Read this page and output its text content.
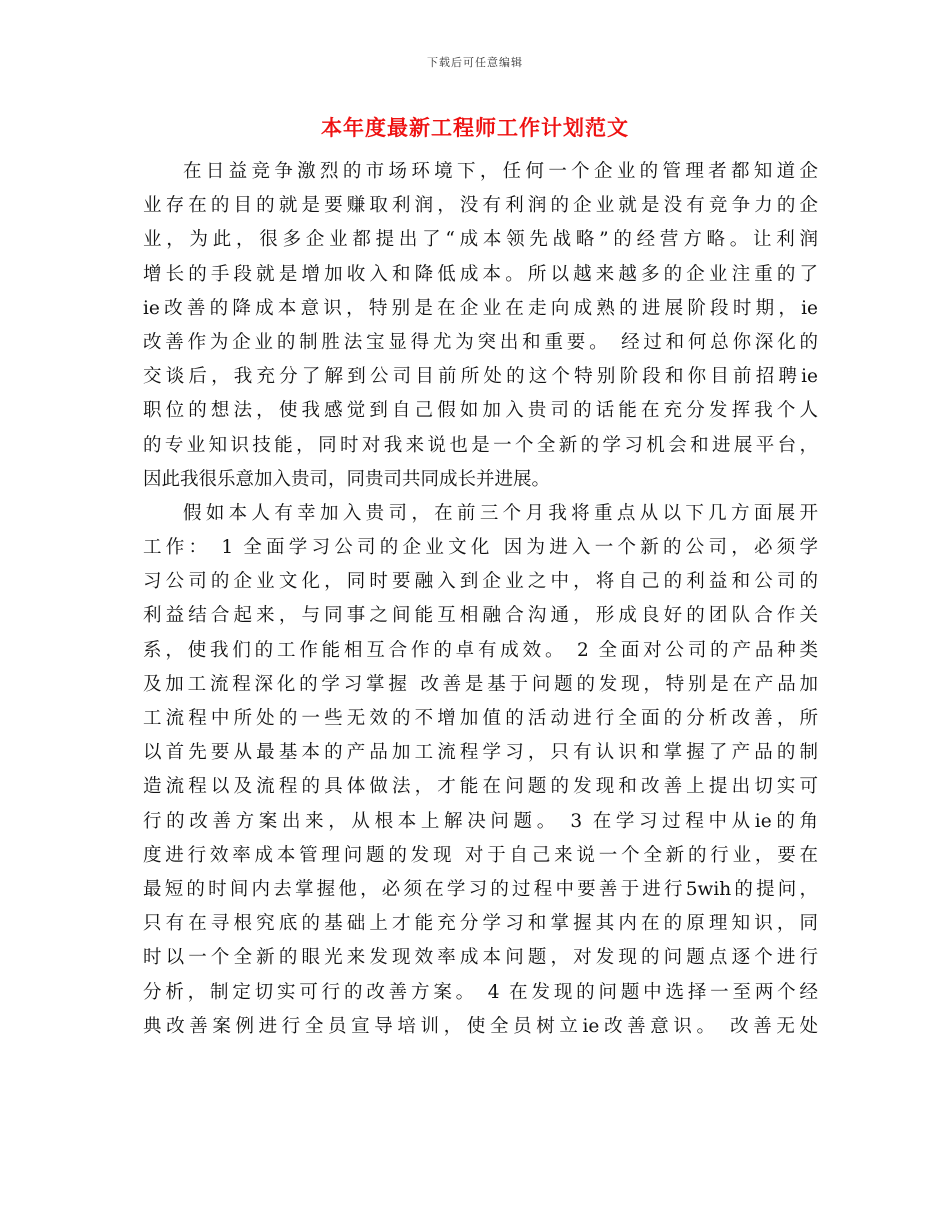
下载后可任意编辑
本年度最新工程师工作计划范文
在日益竞争激烈的市场环境下，任何一个企业的管理者都知道企
业存在的目的就是要赚取利润，没有利润的企业就是没有竞争力的企
业，为此，很多企业都提出了“成本领先战略”的经营方略。让利润
增长的手段就是增加收入和降低成本。所以越来越多的企业注重的了
ie改善的降成本意识，特别是在企业在走向成熟的进展阶段时期，ie
改善作为企业的制胜法宝显得尤为突出和重要。 经过和何总你深化的
交谈后，我充分了解到公司目前所处的这个特别阶段和你目前招聘ie
职位的想法，使我感觉到自己假如加入贵司的话能在充分发挥我个人
的专业知识技能，同时对我来说也是一个全新的学习机会和进展平台，
因此我很乐意加入贵司，同贵司共同成长并进展。
假如本人有幸加入贵司，在前三个月我将重点从以下几方面展开
工作： 1 全面学习公司的企业文化 因为进入一个新的公司，必须学
习公司的企业文化，同时要融入到企业之中，将自己的利益和公司的
利益结合起来，与同事之间能互相融合沟通，形成良好的团队合作关
系，使我们的工作能相互合作的卓有成效。 2 全面对公司的产品种类
及加工流程深化的学习掌握 改善是基于问题的发现，特别是在产品加
工流程中所处的一些无效的不增加值的活动进行全面的分析改善，所
以首先要从最基本的产品加工流程学习，只有认识和掌握了产品的制
造流程以及流程的具体做法，才能在问题的发现和改善上提出切实可
行的改善方案出来，从根本上解决问题。 3 在学习过程中从ie的角
度进行效率成本管理问题的发现 对于自己来说一个全新的行业，要在
最短的时间内去掌握他，必须在学习的过程中要善于进行5wih的提问，
只有在寻根究底的基础上才能充分学习和掌握其内在的原理知识，同
时以一个全新的眼光来发现效率成本问题，对发现的问题点逐个进行
分析，制定切实可行的改善方案。 4 在发现的问题中选择一至两个经
典改善案例进行全员宣导培训，使全员树立ie改善意识。 改善无处
